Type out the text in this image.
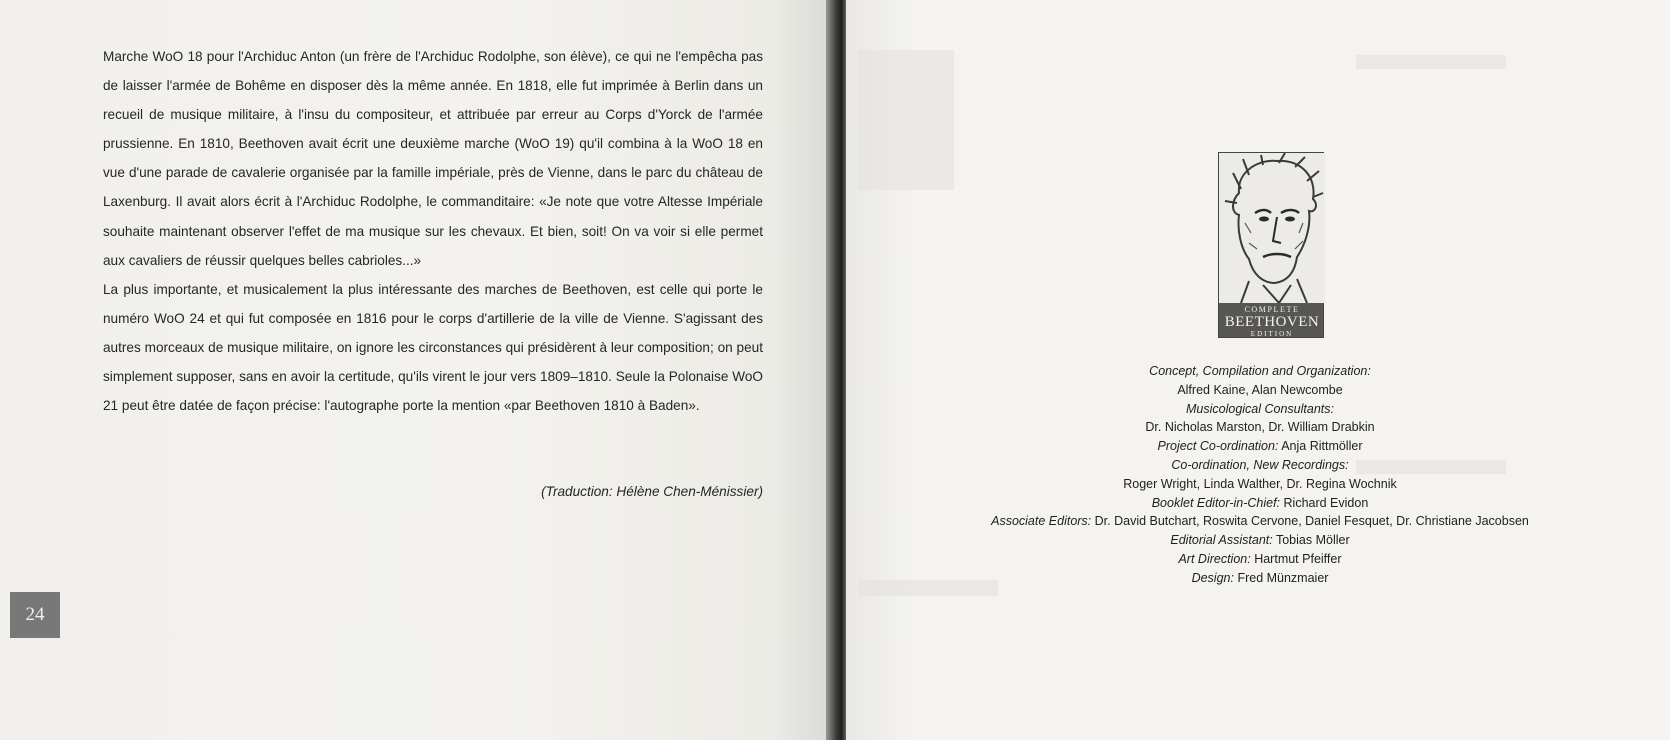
Marche WoO 18 pour l'Archiduc Anton (un frère de l'Archiduc Rodolphe, son élève), ce qui ne l'empêcha pas de laisser l'armée de Bohême en disposer dès la même année. En 1818, elle fut imprimée à Berlin dans un recueil de musique militaire, à l'insu du compositeur, et attribuée par erreur au Corps d'Yorck de l'armée prussienne. En 1810, Beethoven avait écrit une deuxième marche (WoO 19) qu'il combina à la WoO 18 en vue d'une parade de cavalerie organisée par la famille impériale, près de Vienne, dans le parc du château de Laxenburg. Il avait alors écrit à l'Archiduc Rodolphe, le commanditaire: «Je note que votre Altesse Impériale souhaite maintenant observer l'effet de ma musique sur les chevaux. Et bien, soit! On va voir si elle permet aux cavaliers de réussir quelques belles cabrioles...»

La plus importante, et musicalement la plus intéressante des marches de Beethoven, est celle qui porte le numéro WoO 24 et qui fut composée en 1816 pour le corps d'artillerie de la ville de Vienne. S'agissant des autres morceaux de musique militaire, on ignore les circonstances qui présidèrent à leur composition; on peut simplement supposer, sans en avoir la certitude, qu'ils virent le jour vers 1809–1810. Seule la Polonaise WoO 21 peut être datée de façon précise: l'autographe porte la mention «par Beethoven 1810 à Baden».

(Traduction: Hélène Chen-Ménissier)
24
COMPLETE
BEETHOVEN
EDITION
Concept, Compilation and Organization:
Alfred Kaine, Alan Newcombe
Musicological Consultants:
Dr. Nicholas Marston, Dr. William Drabkin
Project Co-ordination: Anja Rittmöller
Co-ordination, New Recordings:
Roger Wright, Linda Walther, Dr. Regina Wochnik
Booklet Editor-in-Chief: Richard Evidon
Associate Editors: Dr. David Butchart, Roswita Cervone, Daniel Fesquet, Dr. Christiane Jacobsen
Editorial Assistant: Tobias Möller
Art Direction: Hartmut Pfeiffer
Design: Fred Münzmaier
